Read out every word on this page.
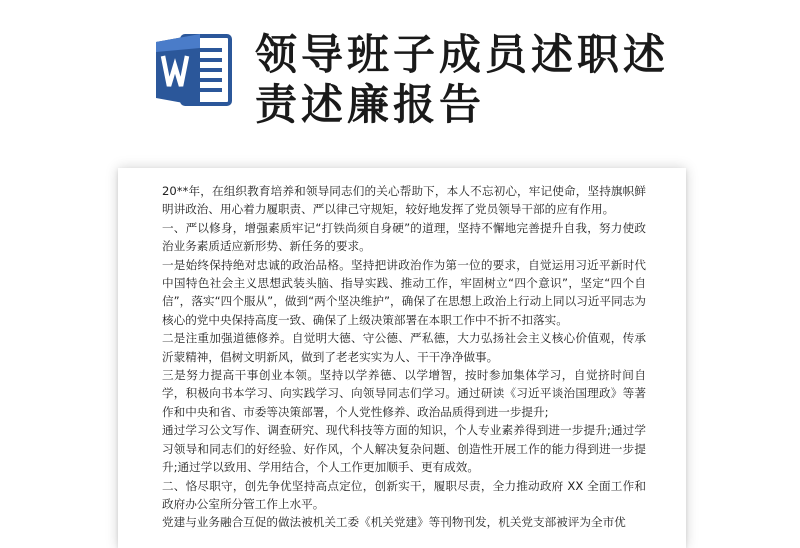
领导班子成员述职述
责述廉报告

20**年，在组织教育培养和领导同志们的关心帮助下，本人不忘初心，牢记使命，坚持旗帜鲜明讲政治、用心着力履职责、严以律己守规矩，较好地发挥了党员领导干部的应有作用。

一、严以修身，增强素质牢记“打铁尚须自身硬”的道理，坚持不懈地完善提升自我，努力使政治业务素质适应新形势、新任务的要求。

一是始终保持绝对忠诚的政治品格。坚持把讲政治作为第一位的要求，自觉运用习近平新时代中国特色社会主义思想武装头脑、指导实践、推动工作，牢固树立“四个意识”，坚定“四个自信”，落实“四个服从”，做到“两个坚决维护”，确保了在思想上政治上行动上同以习近平同志为核心的党中央保持高度一致、确保了上级决策部署在本职工作中不折不扣落实。

二是注重加强道德修养。自觉明大德、守公德、严私德，大力弘扬社会主义核心价值观，传承沂蒙精神，倡树文明新风，做到了老老实实为人、干干净净做事。

三是努力提高干事创业本领。坚持以学养德、以学增智，按时参加集体学习，自觉挤时间自学，积极向书本学习、向实践学习、向领导同志们学习。通过研读《习近平谈治国理政》等著作和中央和省、市委等决策部署，个人党性修养、政治品质得到进一步提升;

通过学习公文写作、调查研究、现代科技等方面的知识，个人专业素养得到进一步提升;通过学习领导和同志们的好经验、好作风，个人解决复杂问题、创造性开展工作的能力得到进一步提升;通过学以致用、学用结合，个人工作更加顺手、更有成效。

二、恪尽职守，创先争优坚持高点定位，创新实干，履职尽责，全力推动政府 XX 全面工作和政府办公室所分管工作上水平。

党建与业务融合互促的做法被机关工委《机关党建》等刊物刊发，机关党支部被评为全市优
